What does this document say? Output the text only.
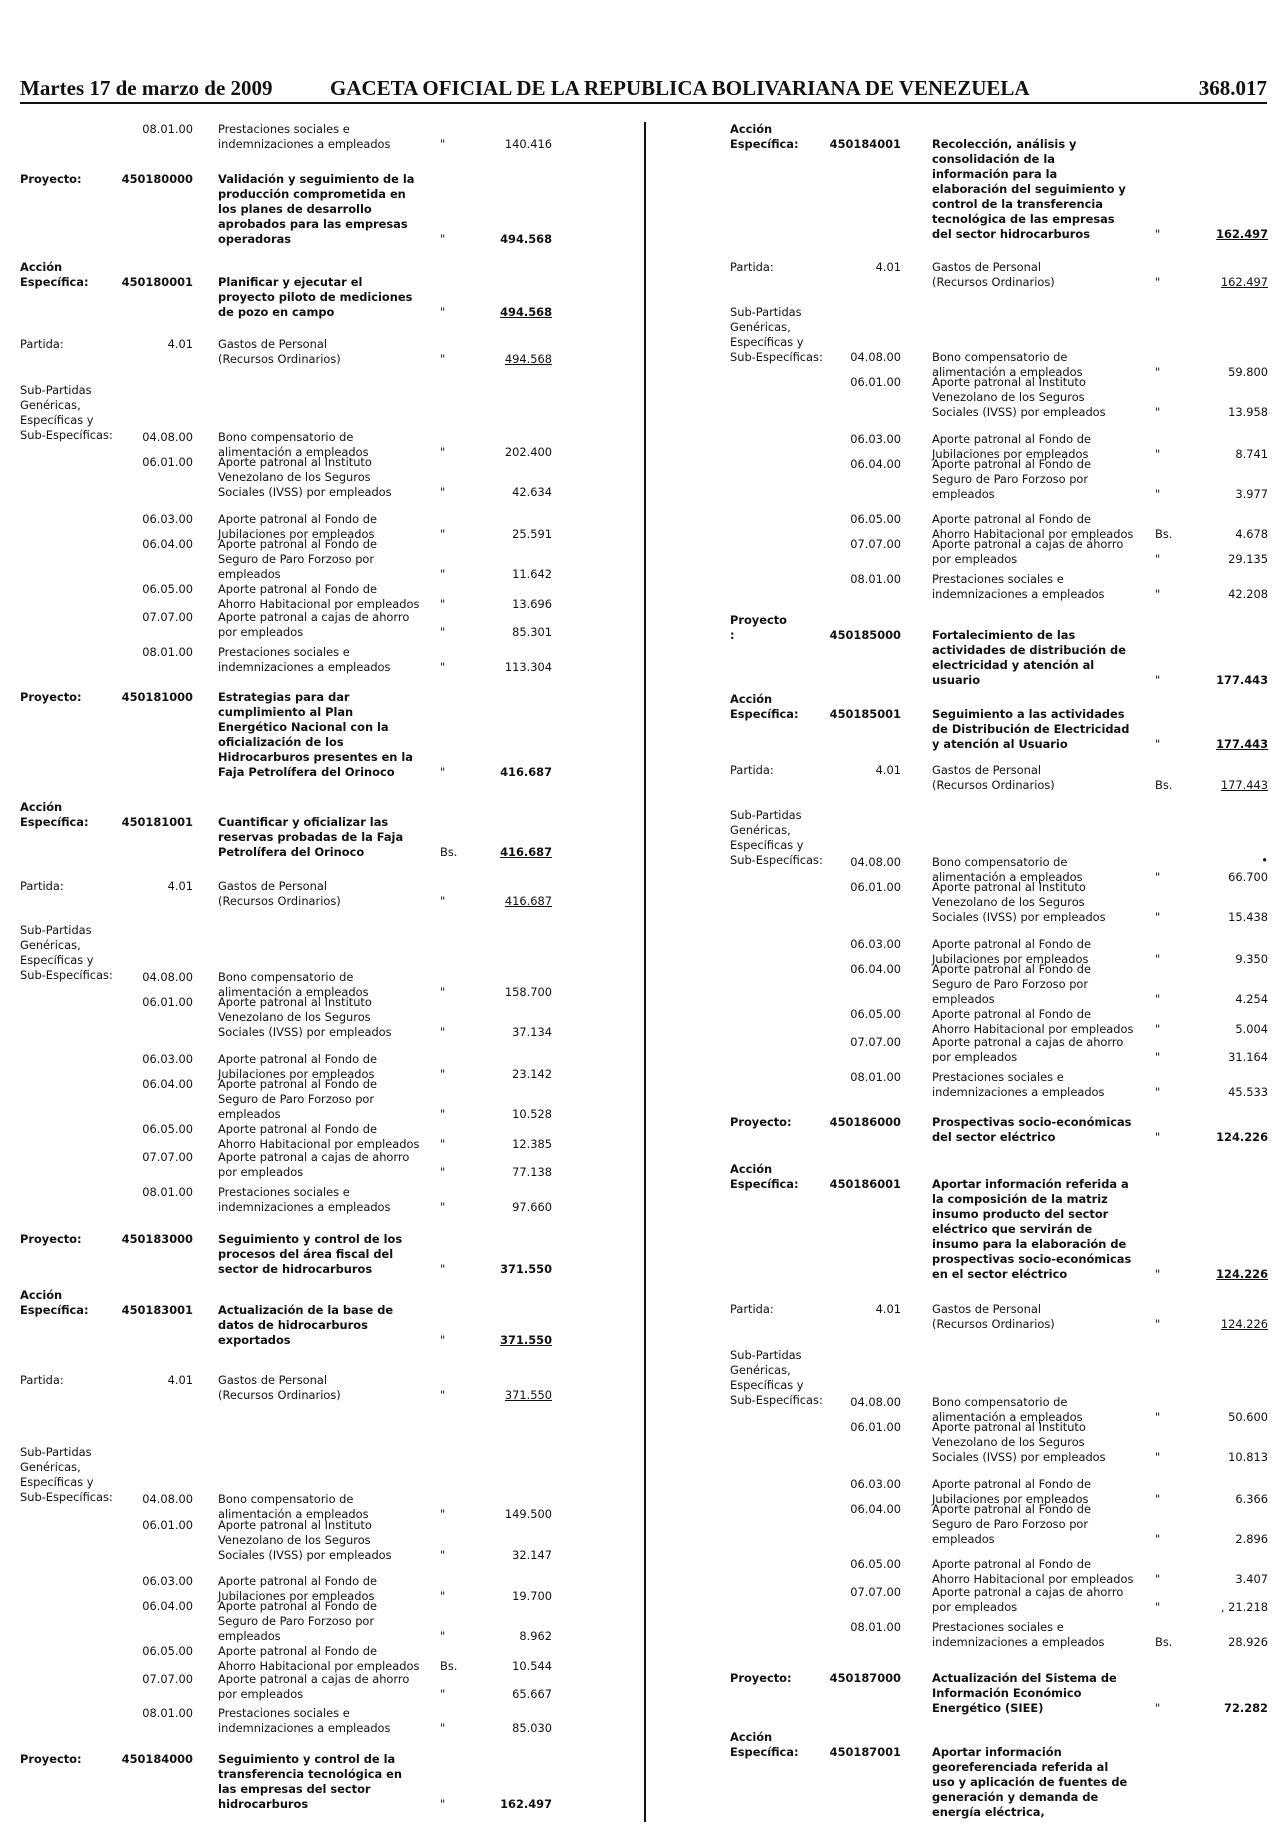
Martes 17 de marzo de 2009	GACETA OFICIAL DE LA REPUBLICA BOLIVARIANA DE VENEZUELA	368.017
08.01.00 Prestaciones sociales e
indemnizaciones a empleados	"	140.416
Proyecto:	450180000 Validación y seguimiento de la
producción comprometida en
los planes de desarrollo
aprobados para las empresas
operadoras	"	494.568
Acción
Específica:	450180001 Planificar y ejecutar el
proyecto piloto de mediciones
de pozo en campo	"	494.568
Partida:	4.01 Gastos de Personal
(Recursos Ordinarios)	"	494.568
Sub-Partidas
Genéricas,
Específicas y
Sub-Específicas:	04.08.00 Bono compensatorio de
alimentación a empleados	"	202.400
06.01.00 Aporte patronal al Instituto
Venezolano de los Seguros
Sociales (IVSS) por empleados	"	42.634
06.03.00 Aporte patronal al Fondo de
Jubilaciones por empleados	"	25.591
06.04.00 Aporte patronal al Fondo de
Seguro de Paro Forzoso por
empleados	"	11.642
06.05.00 Aporte patronal al Fondo de
Ahorro Habitacional por empleados	"	13.696
07.07.00 Aporte patronal a cajas de ahorro
por empleados	"	85.301
08.01.00 Prestaciones sociales e
indemnizaciones a empleados	"	113.304
Proyecto:	450181000 Estrategias para dar
cumplimiento al Plan
Energético Nacional con la
oficialización de los
Hidrocarburos presentes en la
Faja Petrolífera del Orinoco	"	416.687
Acción
Específica:	450181001 Cuantificar y oficializar las
reservas probadas de la Faja
Petrolífera del Orinoco	Bs.	416.687
Partida:	4.01 Gastos de Personal
(Recursos Ordinarios)	"	416.687
Sub-Partidas
Genéricas,
Específicas y
Sub-Específicas:	04.08.00 Bono compensatorio de
alimentación a empleados	"	158.700
06.01.00 Aporte patronal al Instituto
Venezolano de los Seguros
Sociales (IVSS) por empleados	"	37.134
06.03.00 Aporte patronal al Fondo de
Jubilaciones por empleados	"	23.142
06.04.00 Aporte patronal al Fondo de
Seguro de Paro Forzoso por
empleados	"	10.528
06.05.00 Aporte patronal al Fondo de
Ahorro Habitacional por empleados	"	12.385
07.07.00 Aporte patronal a cajas de ahorro
por empleados	"	77.138
08.01.00 Prestaciones sociales e
indemnizaciones a empleados	"	97.660
Proyecto:	450183000 Seguimiento y control de los
procesos del área fiscal del
sector de hidrocarburos	"	371.550
Acción
Específica:	450183001 Actualización de la base de
datos de hidrocarburos
exportados	"	371.550
Partida:	4.01 Gastos de Personal
(Recursos Ordinarios)	"	371.550
Sub-Partidas
Genéricas,
Específicas y
Sub-Específicas:	04.08.00 Bono compensatorio de
alimentación a empleados	"	149.500
06.01.00 Aporte patronal al Instituto
Venezolano de los Seguros
Sociales (IVSS) por empleados	"	32.147
06.03.00 Aporte patronal al Fondo de
Jubilaciones por empleados	"	19.700
06.04.00 Aporte patronal al Fondo de
Seguro de Paro Forzoso por
empleados	"	8.962
06.05.00 Aporte patronal al Fondo de
Ahorro Habitacional por empleados	Bs.	10.544
07.07.00 Aporte patronal a cajas de ahorro
por empleados	"	65.667
08.01.00 Prestaciones sociales e
indemnizaciones a empleados	"	85.030
Proyecto:	450184000 Seguimiento y control de la
transferencia tecnológica en
las empresas del sector
hidrocarburos	"	162.497
Acción
Específica:	450184001	Recolección, análisis y
consolidación de la
información para la
elaboración del seguimiento y
control de la transferencia
tecnológica de las empresas
del sector hidrocarburos	"	162.497
Partida:	4.01	Gastos de Personal
(Recursos Ordinarios)	"	162.497
Sub-Partidas
Genéricas,
Específicas y
Sub-Específicas:	04.08.00	Bono compensatorio de
alimentación a empleados	"	59.800
06.01.00	Aporte patronal al Instituto
Venezolano de los Seguros
Sociales (IVSS) por empleados	"	13.958
06.03.00	Aporte patronal al Fondo de
Jubilaciones por empleados	"	8.741
06.04.00	Aporte patronal al Fondo de
Seguro de Paro Forzoso por
empleados	"	3.977
06.05.00	Aporte patronal al Fondo de
Ahorro Habitacional por empleados	Bs.	4.678
07.07.00	Aporte patronal a cajas de ahorro
por empleados	"	29.135
08.01.00	Prestaciones sociales e
indemnizaciones a empleados	"	42.208
Proyecto
:	450185000	Fortalecimiento de las
actividades de distribución de
electricidad y atención al
usuario	"	177.443
Acción
Específica:	450185001	Seguimiento a las actividades
de Distribución de Electricidad
y atención al Usuario	"	177.443
Partida:	4.01	Gastos de Personal
(Recursos Ordinarios)	Bs.	177.443
Sub-Partidas
Genéricas,
Específicas y
Sub-Específicas:	•
04.08.00	Bono compensatorio de
alimentación a empleados	"	66.700
06.01.00	Aporte patronal al Instituto
Venezolano de los Seguros
Sociales (IVSS) por empleados	"	15.438
06.03.00	Aporte patronal al Fondo de
Jubilaciones por empleados	"	9.350
06.04.00	Aporte patronal al Fondo de
Seguro de Paro Forzoso por
empleados	"	4.254
06.05.00	Aporte patronal al Fondo de
Ahorro Habitacional por empleados	"	5.004
07.07.00	Aporte patronal a cajas de ahorro
por empleados	"	31.164
08.01.00	Prestaciones sociales e
indemnizaciones a empleados	"	45.533
Proyecto:	450186000	Prospectivas socio-económicas
del sector eléctrico	"	124.226
Acción
Específica:	450186001	Aportar información referida a
la composición de la matriz
insumo producto del sector
eléctrico que servirán de
insumo para la elaboración de
prospectivas socio-económicas
en el sector eléctrico	"	124.226
Partida:	4.01	Gastos de Personal
(Recursos Ordinarios)	"	124.226
Sub-Partidas
Genéricas,
Específicas y
Sub-Específicas:	04.08.00	Bono compensatorio de
alimentación a empleados	"	50.600
06.01.00	Aporte patronal al Instituto
Venezolano de los Seguros
Sociales (IVSS) por empleados	"	10.813
06.03.00	Aporte patronal al Fondo de
Jubilaciones por empleados	"	6.366
06.04.00	Aporte patronal al Fondo de
Seguro de Paro Forzoso por
empleados	"	2.896
06.05.00	Aporte patronal al Fondo de
Ahorro Habitacional por empleados	"	3.407
07.07.00	Aporte patronal a cajas de ahorro
por empleados	"	, 21.218
08.01.00	Prestaciones sociales e
indemnizaciones a empleados	Bs.	28.926
Proyecto:	450187000	Actualización del Sistema de
Información Económico
Energético (SIEE)	"	72.282
Acción
Específica:	450187001	Aportar información
georeferenciada referida al
uso y aplicación de fuentes de
generación y demanda de
energía eléctrica,
